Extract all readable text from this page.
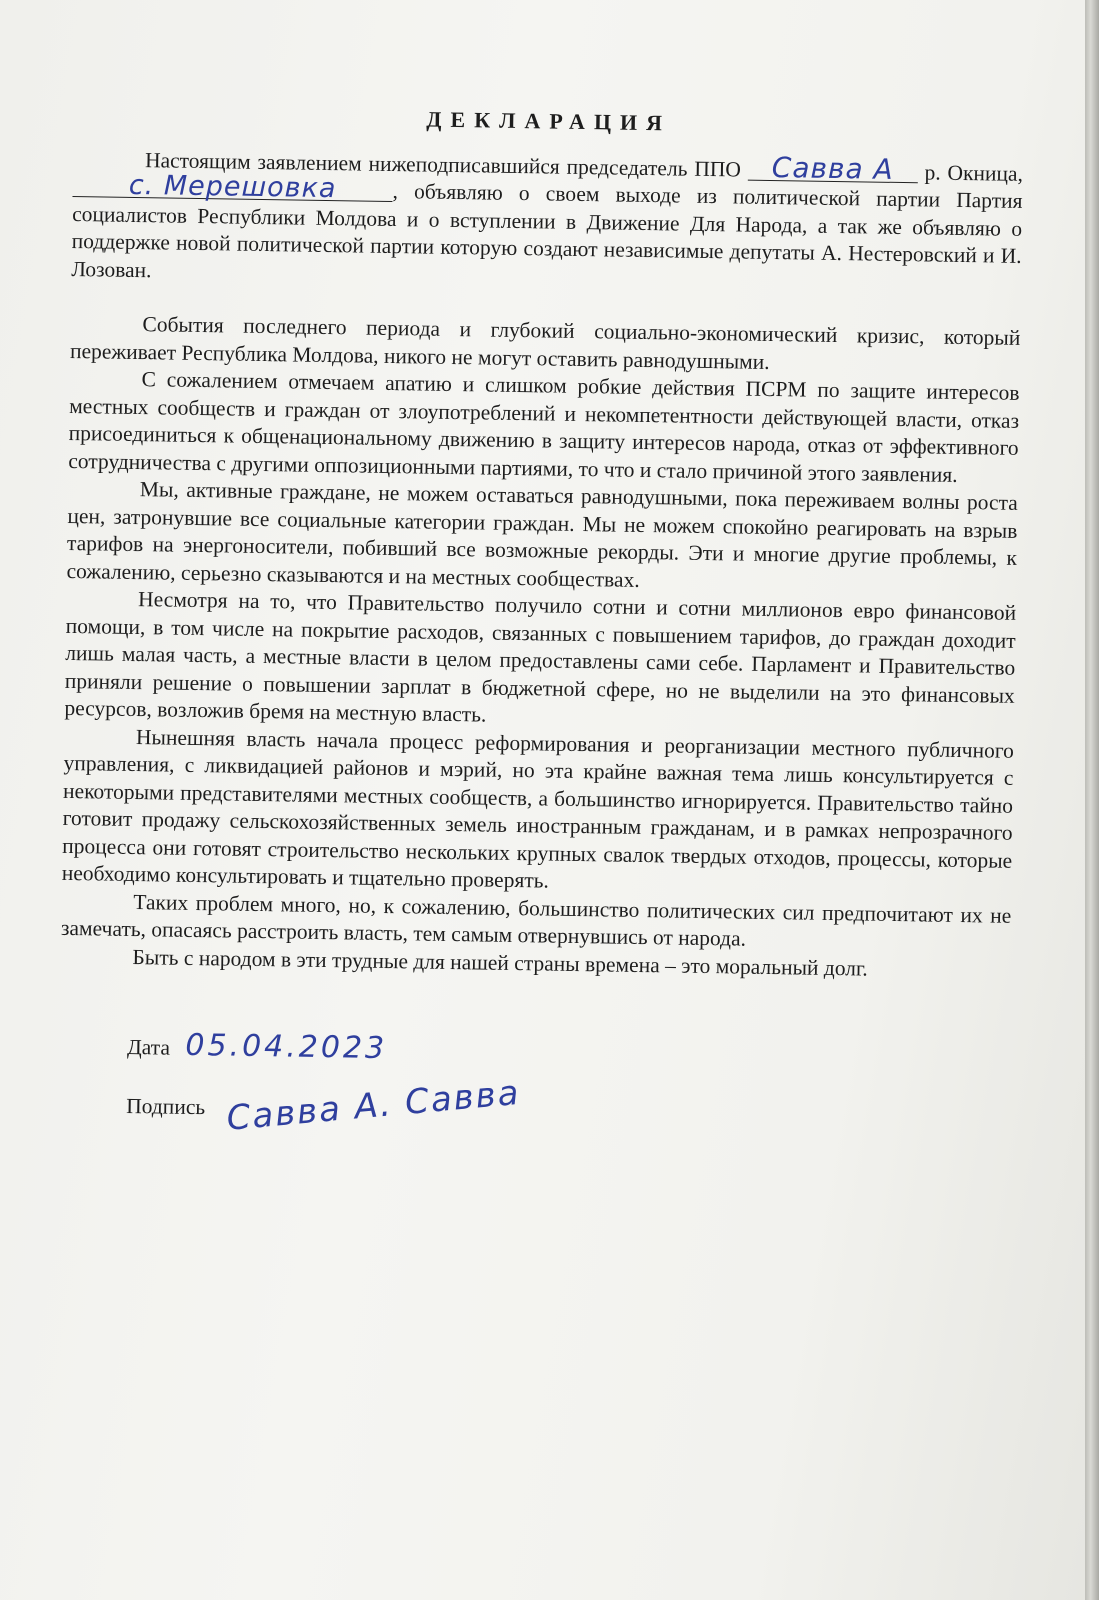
ДЕКЛАРАЦИЯ

Настоящим заявлением нижеподписавшийся председатель ППО Савва А р. Окница, с. Мерешовка	, объявляю о своем выходе из политической партии Партия социалистов Республики Молдова и о вступлении в Движение Для Народа, а так же объявляю о поддержке новой политической партии которую создают независимые депутаты А. Нестеровский и И. Лозован.

События последнего периода и глубокий социально-экономический кризис, который переживает Республика Молдова, никого не могут оставить равнодушными.

С сожалением отмечаем апатию и слишком робкие действия ПСРМ по защите интересов местных сообществ и граждан от злоупотреблений и некомпетентности действующей власти, отказ присоединиться к общенациональному движению в защиту интересов народа, отказ от эффективного сотрудничества с другими оппозиционными партиями, то что и стало причиной этого заявления.

Мы, активные граждане, не можем оставаться равнодушными, пока переживаем волны роста цен, затронувшие все социальные категории граждан. Мы не можем спокойно реагировать на взрыв тарифов на энергоносители, побивший все возможные рекорды. Эти и многие другие проблемы, к сожалению, серьезно сказываются и на местных сообществах.

Несмотря на то, что Правительство получило сотни и сотни миллионов евро финансовой помощи, в том числе на покрытие расходов, связанных с повышением тарифов, до граждан доходит лишь малая часть, а местные власти в целом предоставлены сами себе. Парламент и Правительство приняли решение о повышении зарплат в бюджетной сфере, но не выделили на это финансовых ресурсов, возложив бремя на местную власть.

Нынешняя власть начала процесс реформирования и реорганизации местного публичного управления, с ликвидацией районов и мэрий, но эта крайне важная тема лишь консультируется с некоторыми представителями местных сообществ, а большинство игнорируется. Правительство тайно готовит продажу сельскохозяйственных земель иностранным гражданам, и в рамках непрозрачного процесса они готовят строительство нескольких крупных свалок твердых отходов, процессы, которые необходимо консультировать и тщательно проверять.

Таких проблем много, но, к сожалению, большинство политических сил предпочитают их не замечать, опасаясь расстроить власть, тем самым отвернувшись от народа.

Быть с народом в эти трудные для нашей страны времена – это моральный долг.

Дата 05.04.2023
Подпись Савва А. Савва
